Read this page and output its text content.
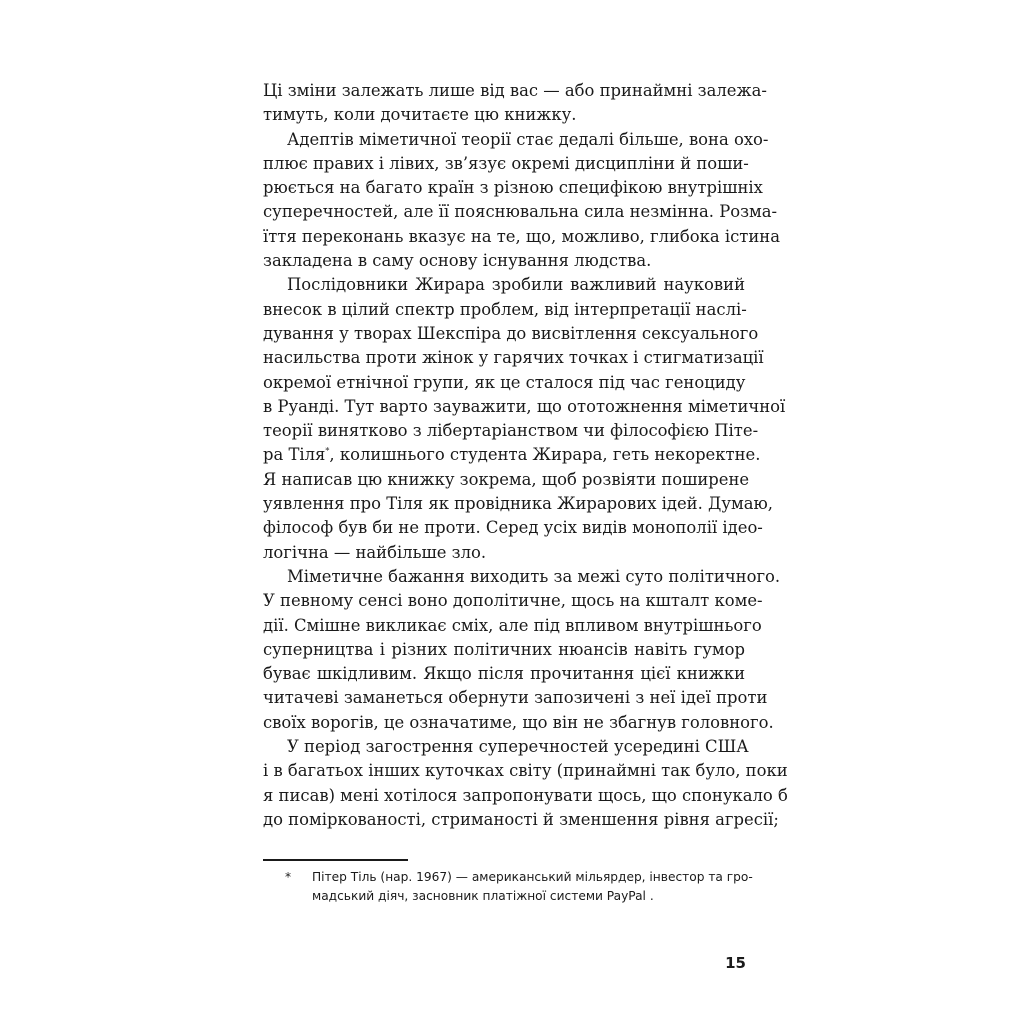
Ці зміни залежать лише від вас — або принаймні залежа-
тимуть, коли дочитаєте цю книжку.
Адептів міметичної теорії стає дедалі більше, вона охо-
плює правих і лівих, зв’язує окремі дисципліни й поши-
рюється на багато країн з різною специфікою внутрішніх
суперечностей, але її пояснювальна сила незмінна. Розма-
їття переконань вказує на те, що, можливо, глибока істина
закладена в саму основу існування людства.
Послідовники Жирара зробили важливий науковий
внесок в цілий спектр проблем, від інтерпретації наслі-
дування у творах Шекспіра до висвітлення сексуального
насильства проти жінок у гарячих точках і стигматизації
окремої етнічної групи, як це сталося під час геноциду
в Руанді. Тут варто зауважити, що ототожнення міметичної
теорії винятково з лібертаріанством чи філософією Піте-
ра Тіля*, колишнього студента Жирара, геть некоректне.
Я написав цю книжку зокрема, щоб розвіяти поширене
уявлення про Тіля як провідника Жирарових ідей. Думаю,
філософ був би не проти. Серед усіх видів монополії ідео-
логічна — найбільше зло.
Міметичне бажання виходить за межі суто політичного.
У певному сенсі воно дополітичне, щось на кшталт коме-
дії. Смішне викликає сміх, але під впливом внутрішнього
суперництва і різних політичних нюансів навіть гумор
буває шкідливим. Якщо після прочитання цієї книжки
читачеві заманеться обернути запозичені з неї ідеї проти
своїх ворогів, це означатиме, що він не збагнув головного.
У період загострення суперечностей усередині США
і в багатьох інших куточках світу (принаймні так було, поки
я писав) мені хотілося запропонувати щось, що спонукало б
до поміркованості, стриманості й зменшення рівня агресії;
* Пітер Тіль (нар. 1967) — американський мільярдер, інвестор та гро-
мадський діяч, засновник платіжної системи PayPal .
15
